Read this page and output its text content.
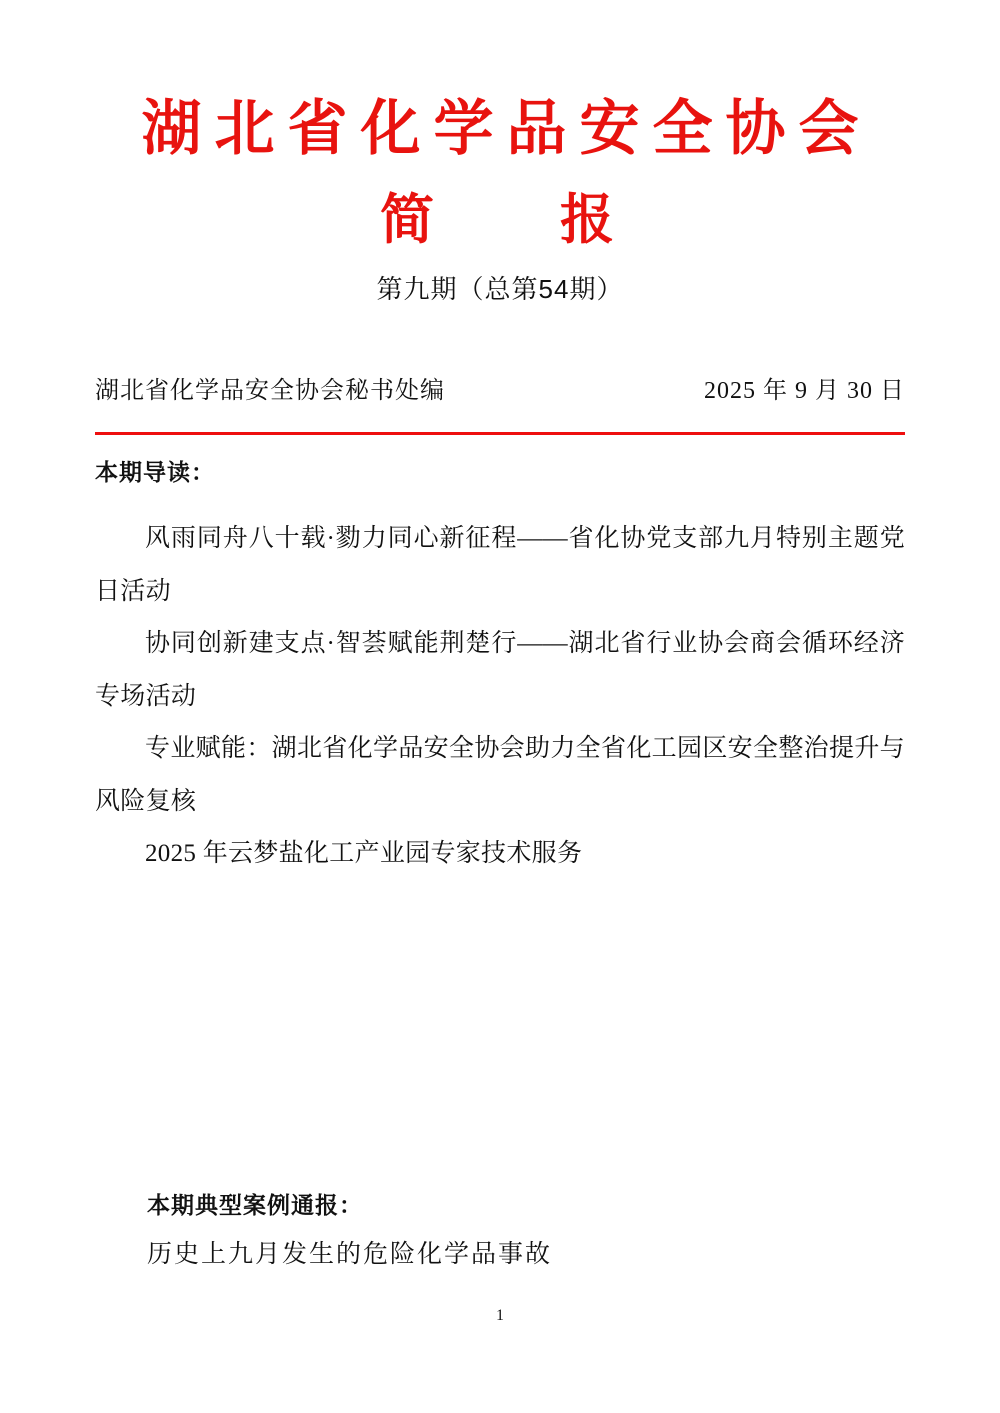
湖北省化学品安全协会
简　　报
第九期（总第54期）
湖北省化学品安全协会秘书处编	2025 年 9 月 30 日
本期导读：

风雨同舟八十载·勠力同心新征程——省化协党支部九月特别主题党日活动

协同创新建支点·智荟赋能荆楚行——湖北省行业协会商会循环经济专场活动

专业赋能：湖北省化学品安全协会助力全省化工园区安全整治提升与风险复核

2025 年云梦盐化工产业园专家技术服务

本期典型案例通报：

历史上九月发生的危险化学品事故

1
